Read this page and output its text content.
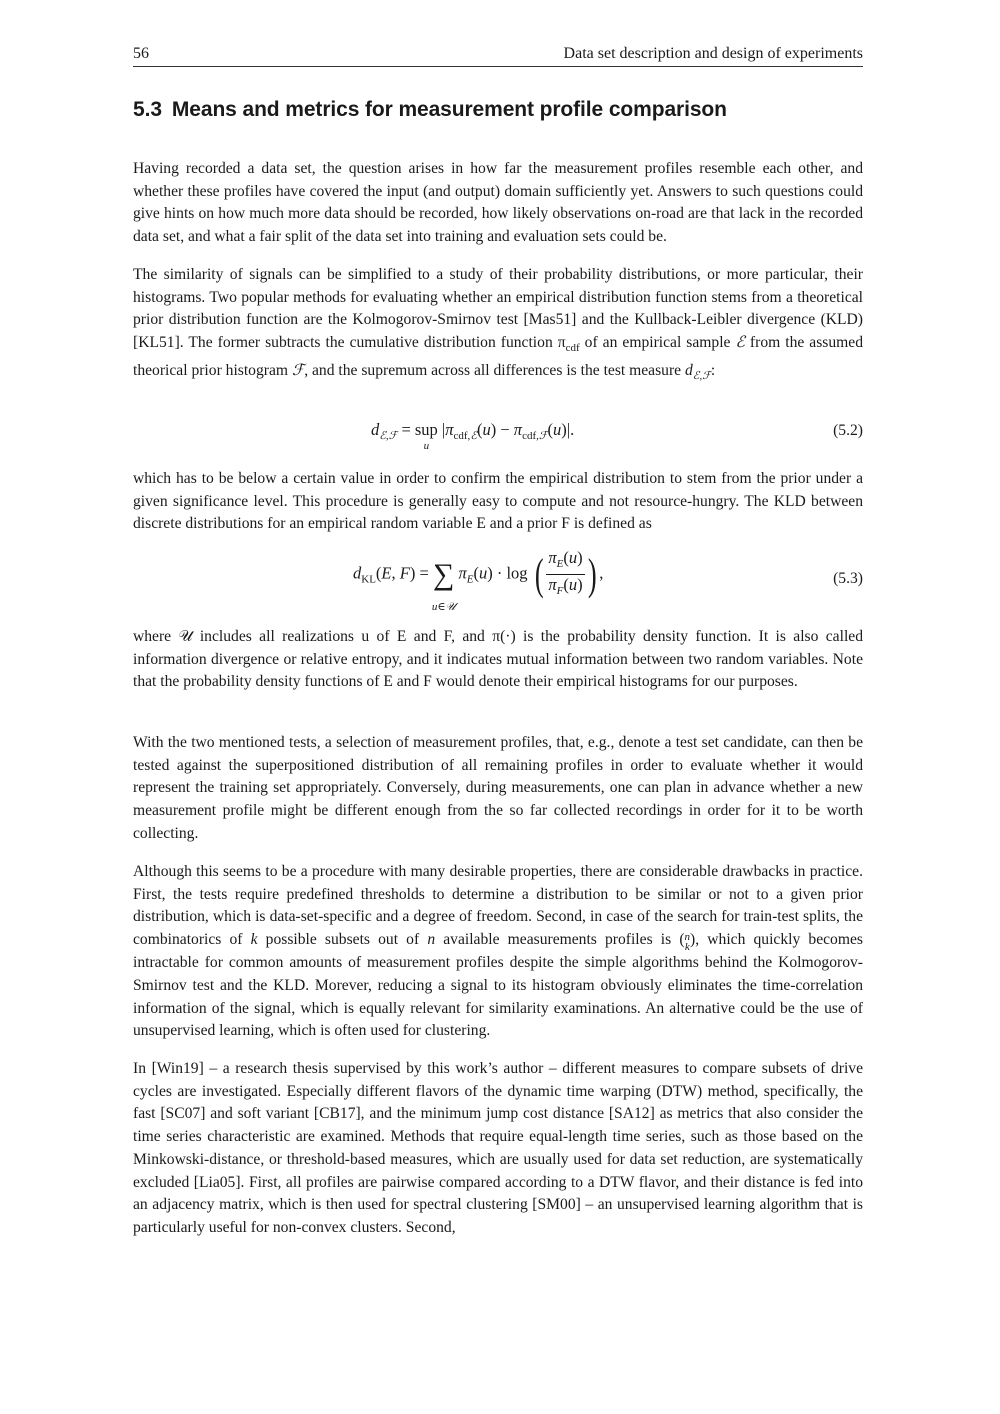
56	Data set description and design of experiments
5.3 Means and metrics for measurement profile comparison

Having recorded a data set, the question arises in how far the measurement profiles resemble each other, and whether these profiles have covered the input (and output) domain sufficiently yet. Answers to such questions could give hints on how much more data should be recorded, how likely observations on-road are that lack in the recorded data set, and what a fair split of the data set into training and evaluation sets could be.

The similarity of signals can be simplified to a study of their probability distributions, or more particular, their histograms. Two popular methods for evaluating whether an empirical distribution function stems from a theoretical prior distribution function are the Kolmogorov-Smirnov test [Mas51] and the Kullback-Leibler divergence (KLD) [KL51]. The former subtracts the cumulative distribution function $\pi_{cdf}$ of an empirical sample ℰ from the assumed theorical prior histogram ℱ, and the supremum across all differences is the test measure $d_{ℰ,ℱ}$:

$d_{ℰ,ℱ}$ = sup
u
$|\pi_{cdf,ℰ}(u) - \pi_{cdf,ℱ}(u)|$.	(5.2)

which has to be below a certain value in order to confirm the empirical distribution to stem from the prior under a given significance level. This procedure is generally easy to compute and not resource-hungry. The KLD between discrete distributions for an empirical random variable E and a prior F is defined as

$d_{KL}(E$, F) = ∑
u∈𝒰
$\pi_E(u) \cdot \log$ ( $\frac{\pi_E(u)}{\pi_F(u)}$ ) ,	(5.3)

where 𝒰 includes all realizations u of E and F, and π(·) is the probability density function. It is also called information divergence or relative entropy, and it indicates mutual information between two random variables. Note that the probability density functions of E and F would denote their empirical histograms for our purposes.

With the two mentioned tests, a selection of measurement profiles, that, e.g., denote a test set candidate, can then be tested against the superpositioned distribution of all remaining profiles in order to evaluate whether it would represent the training set appropriately. Conversely, during measurements, one can plan in advance whether a new measurement profile might be different enough from the so far collected recordings in order for it to be worth collecting.

Although this seems to be a procedure with many desirable properties, there are considerable drawbacks in practice. First, the tests require predefined thresholds to determine a distribution to be similar or not to a given prior distribution, which is data-set-specific and a degree of freedom. Second, in case of the search for train-test splits, the combinatorics of k possible subsets out of n available measurements profiles is (n
k), which quickly becomes intractable for common amounts of measurement profiles despite the simple algorithms behind the Kolmogorov-Smirnov test and the KLD. Morever, reducing a signal to its histogram obviously eliminates the time-correlation information of the signal, which is equally relevant for similarity examinations. An alternative could be the use of unsupervised learning, which is often used for clustering.

In [Win19] – a research thesis supervised by this work’s author – different measures to compare subsets of drive cycles are investigated. Especially different flavors of the dynamic time warping (DTW) method, specifically, the fast [SC07] and soft variant [CB17], and the minimum jump cost distance [SA12] as metrics that also consider the time series characteristic are examined. Methods that require equal-length time series, such as those based on the Minkowski-distance, or threshold-based measures, which are usually used for data set reduction, are systematically excluded [Lia05]. First, all profiles are pairwise compared according to a DTW flavor, and their distance is fed into an adjacency matrix, which is then used for spectral clustering [SM00] – an unsupervised learning algorithm that is particularly useful for non-convex clusters. Second,
